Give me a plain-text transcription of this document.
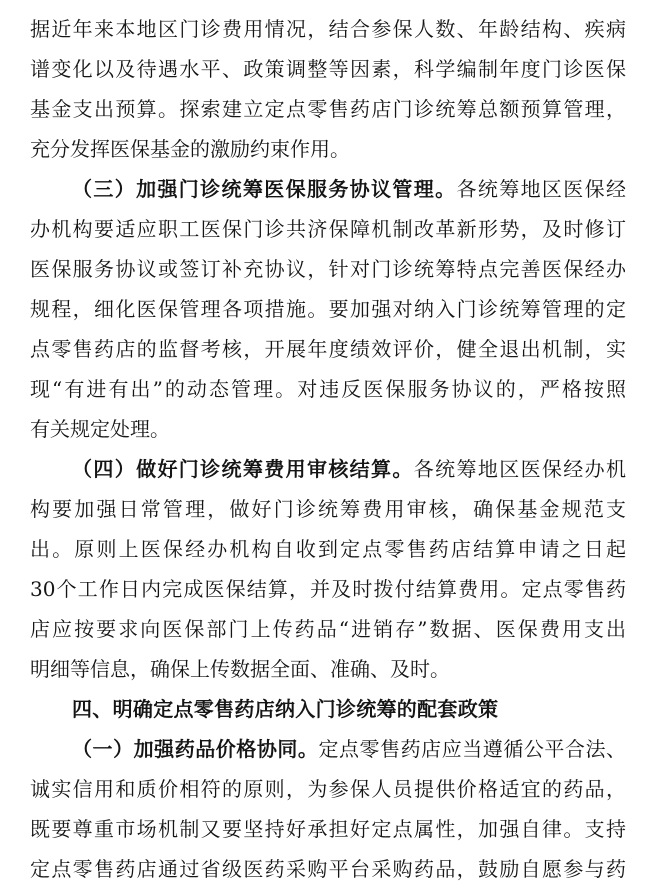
据近年来本地区门诊费用情况，结合参保人数、年龄结构、疾病
谱变化以及待遇水平、政策调整等因素，科学编制年度门诊医保
基金支出预算。探索建立定点零售药店门诊统筹总额预算管理，
充分发挥医保基金的激励约束作用。
（三）加强门诊统筹医保服务协议管理。各统筹地区医保经
办机构要适应职工医保门诊共济保障机制改革新形势，及时修订
医保服务协议或签订补充协议，针对门诊统筹特点完善医保经办
规程，细化医保管理各项措施。要加强对纳入门诊统筹管理的定
点零售药店的监督考核，开展年度绩效评价，健全退出机制，实
现“有进有出”的动态管理。对违反医保服务协议的，严格按照
有关规定处理。
（四）做好门诊统筹费用审核结算。各统筹地区医保经办机
构要加强日常管理，做好门诊统筹费用审核，确保基金规范支
出。原则上医保经办机构自收到定点零售药店结算申请之日起
30个工作日内完成医保结算，并及时拨付结算费用。定点零售药
店应按要求向医保部门上传药品“进销存”数据、医保费用支出
明细等信息，确保上传数据全面、准确、及时。
四、明确定点零售药店纳入门诊统筹的配套政策
（一）加强药品价格协同。定点零售药店应当遵循公平合法、
诚实信用和质价相符的原则，为参保人员提供价格适宜的药品，
既要尊重市场机制又要坚持好承担好定点属性，加强自律。支持
定点零售药店通过省级医药采购平台采购药品，鼓励自愿参与药
